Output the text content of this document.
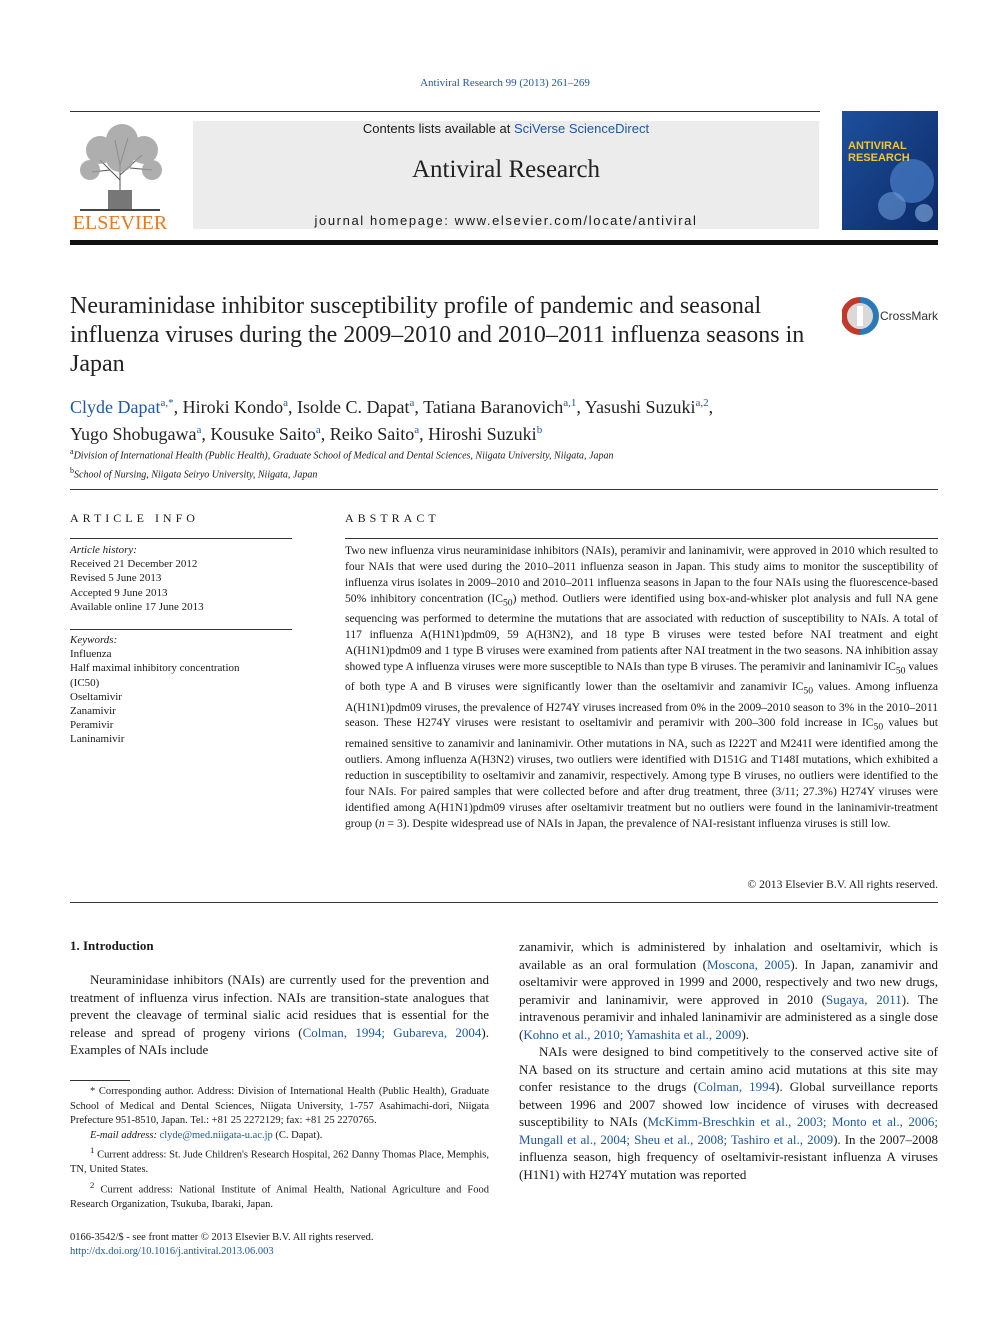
Antiviral Research 99 (2013) 261–269
ELSEVIER
Contents lists available at SciVerse ScienceDirect
Antiviral Research
journal homepage: www.elsevier.com/locate/antiviral
ANTIVIRAL
RESEARCH
Neuraminidase inhibitor susceptibility profile of pandemic and seasonal influenza viruses during the 2009–2010 and 2010–2011 influenza seasons in Japan
CrossMark
Clyde Dapat$^{a,*}$, Hiroki Kondo$^a$, Isolde C. Dapat$^a$, Tatiana Baranovich$^{a,1}$, Yasushi Suzuki$^{a,2}$,
Yugo Shobugawa$^a$, Kousuke Saito$^a$, Reiko Saito$^a$, Hiroshi Suzuki$^b$
$^a$Division of International Health (Public Health), Graduate School of Medical and Dental Sciences, Niigata University, Niigata, Japan
$^b$School of Nursing, Niigata Seiryo University, Niigata, Japan
ARTICLE INFO
Article history:
Received 21 December 2012
Revised 5 June 2013
Accepted 9 June 2013
Available online 17 June 2013
Keywords:
Influenza
Half maximal inhibitory concentration
(IC50)
Oseltamivir
Zanamivir
Peramivir
Laninamivir
ABSTRACT
Two new influenza virus neuraminidase inhibitors (NAIs), peramivir and laninamivir, were approved in 2010 which resulted to four NAIs that were used during the 2010–2011 influenza season in Japan. This study aims to monitor the susceptibility of influenza virus isolates in 2009–2010 and 2010–2011 influenza seasons in Japan to the four NAIs using the fluorescence-based 50% inhibitory concentration $(IC_{50})$ method. Outliers were identified using box-and-whisker plot analysis and full NA gene sequencing was performed to determine the mutations that are associated with reduction of susceptibility to NAIs. A total of 117 influenza A(H1N1)pdm09, 59 A(H3N2), and 18 type B viruses were tested before NAI treatment and eight A(H1N1)pdm09 and 1 type B viruses were examined from patients after NAI treatment in the two seasons. NA inhibition assay showed type A influenza viruses were more susceptible to NAIs than type B viruses. The peramivir and laninamivir $IC_{50}$ values of both type A and B viruses were significantly lower than the oseltamivir and zanamivir $IC_{50}$ values. Among influenza A(H1N1)pdm09 viruses, the prevalence of H274Y viruses increased from 0% in the 2009–2010 season to 3% in the 2010–2011 season. These H274Y viruses were resistant to oseltamivir and peramivir with 200–300 fold increase in $IC_{50}$ values but remained sensitive to zanamivir and laninamivir. Other mutations in NA, such as I222T and M241I were identified among the outliers. Among influenza A(H3N2) viruses, two outliers were identified with D151G and T148I mutations, which exhibited a reduction in susceptibility to oseltamivir and zanamivir, respectively. Among type B viruses, no outliers were identified to the four NAIs. For paired samples that were collected before and after drug treatment, three (3/11; 27.3%) H274Y viruses were identified among A(H1N1)pdm09 viruses after oseltamivir treatment but no outliers were found in the laninamivir-treatment group (n = 3). Despite widespread use of NAIs in Japan, the prevalence of NAI-resistant influenza viruses is still low.
© 2013 Elsevier B.V. All rights reserved.
1. Introduction
Neuraminidase inhibitors (NAIs) are currently used for the prevention and treatment of influenza virus infection. NAIs are transition-state analogues that prevent the cleavage of terminal sialic acid residues that is essential for the release and spread of progeny virions (Colman, 1994; Gubareva, 2004). Examples of NAIs include

zanamivir, which is administered by inhalation and oseltamivir, which is available as an oral formulation (Moscona, 2005). In Japan, zanamivir and oseltamivir were approved in 1999 and 2000, respectively and two new drugs, peramivir and laninamivir, were approved in 2010 (Sugaya, 2011). The intravenous peramivir and inhaled laninamivir are administered as a single dose (Kohno et al., 2010; Yamashita et al., 2009).

NAIs were designed to bind competitively to the conserved active site of NA based on its structure and certain amino acid mutations at this site may confer resistance to the drugs (Colman, 1994). Global surveillance reports between 1996 and 2007 showed low incidence of viruses with decreased susceptibility to NAIs (McKimm-Breschkin et al., 2003; Monto et al., 2006; Mungall et al., 2004; Sheu et al., 2008; Tashiro et al., 2009). In the 2007–2008 influenza season, high frequency of oseltamivir-resistant influenza A viruses (H1N1) with H274Y mutation was reported

* Corresponding author. Address: Division of International Health (Public Health), Graduate School of Medical and Dental Sciences, Niigata University, 1-757 Asahimachi-dori, Niigata Prefecture 951-8510, Japan. Tel.: +81 25 2272129; fax: +81 25 2270765.

E-mail address: clyde@med.niigata-u.ac.jp (C. Dapat).

$^1$ Current address: St. Jude Children's Research Hospital, 262 Danny Thomas Place, Memphis, TN, United States.

$^2$ Current address: National Institute of Animal Health, National Agriculture and Food Research Organization, Tsukuba, Ibaraki, Japan.

0166-3542/$ - see front matter © 2013 Elsevier B.V. All rights reserved.
http://dx.doi.org/10.1016/j.antiviral.2013.06.003
